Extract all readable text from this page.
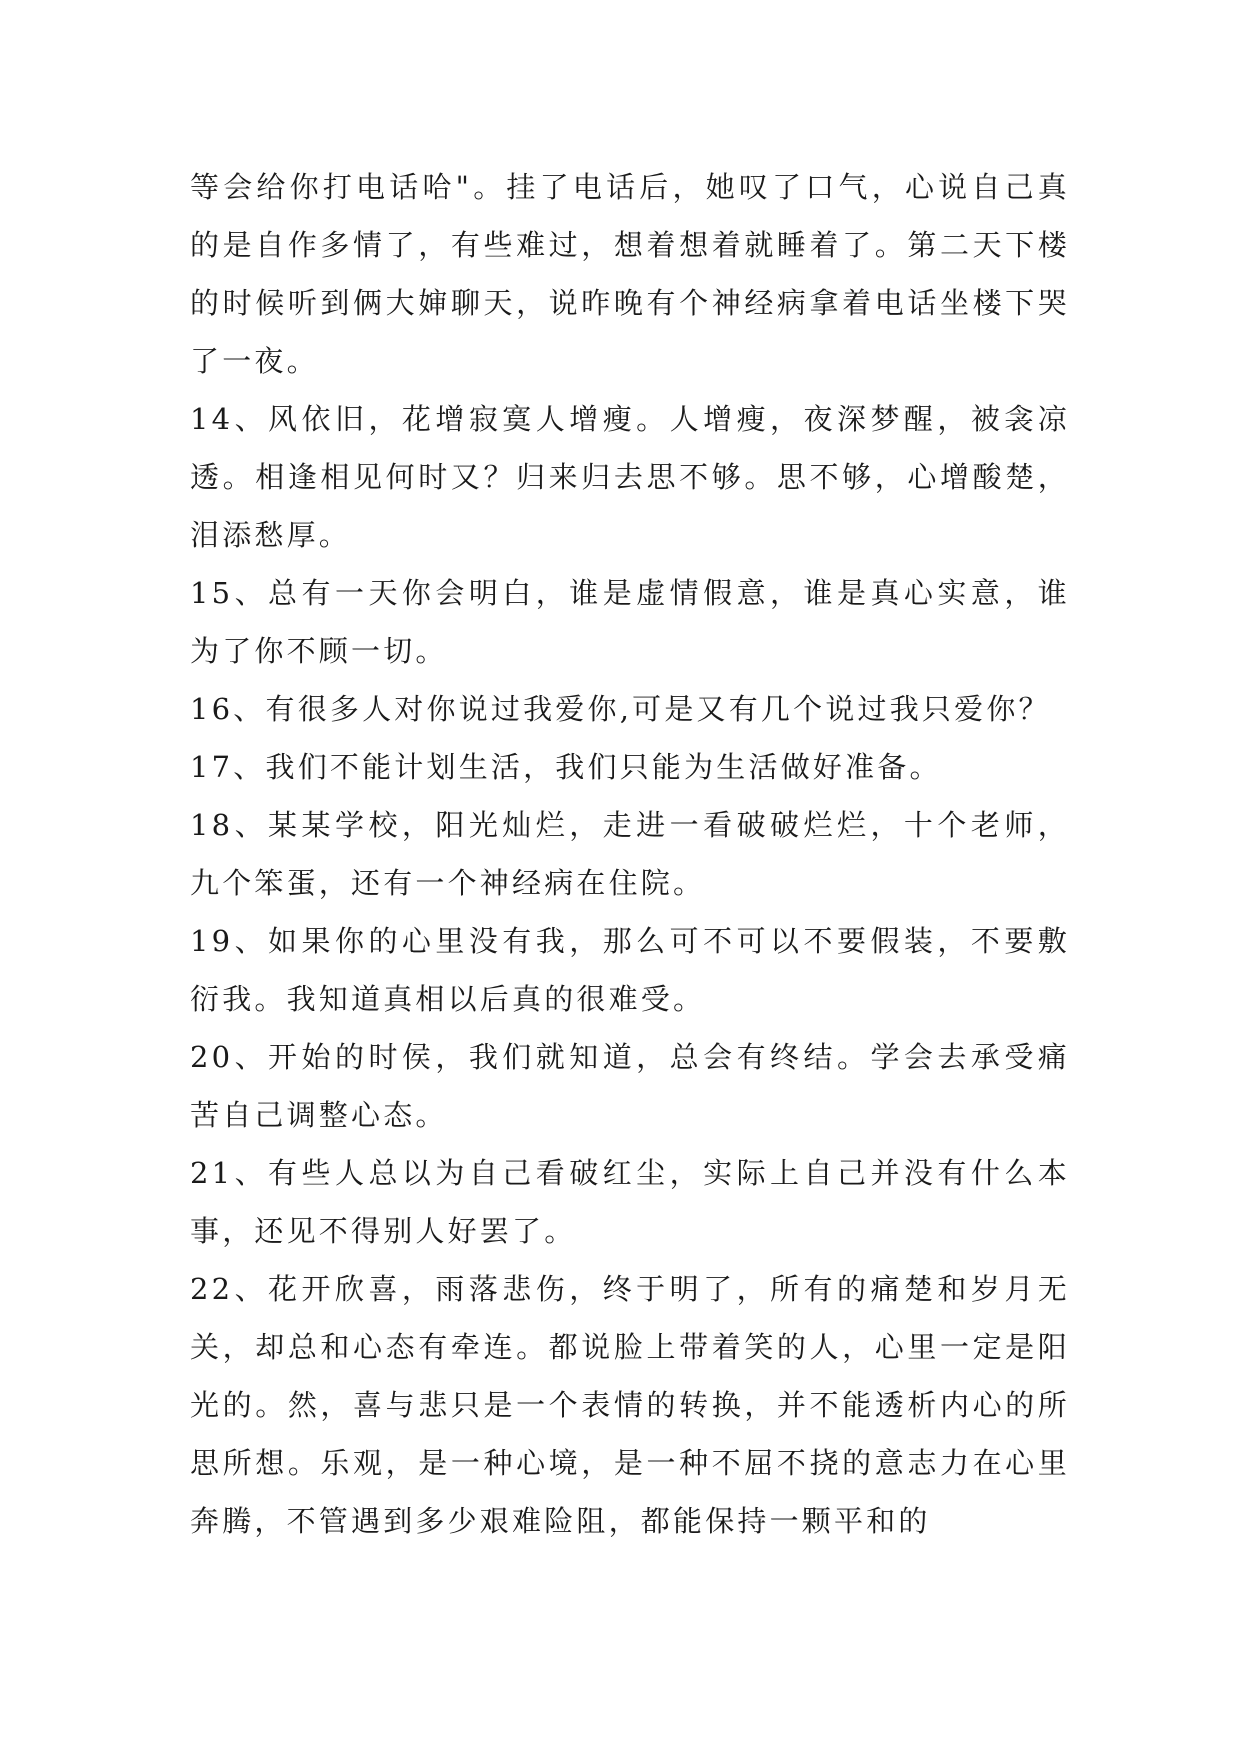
等会给你打电话哈"。挂了电话后，她叹了口气，心说自己真的是自作多情了，有些难过，想着想着就睡着了。第二天下楼的时候听到俩大婶聊天，说昨晚有个神经病拿着电话坐楼下哭了一夜。

14、风依旧，花增寂寞人增瘦。人增瘦，夜深梦醒，被衾凉透。相逢相见何时又？归来归去思不够。思不够，心增酸楚，泪添愁厚。

15、总有一天你会明白，谁是虚情假意，谁是真心实意，谁为了你不顾一切。

16、有很多人对你说过我爱你,可是又有几个说过我只爱你？

17、我们不能计划生活，我们只能为生活做好准备。

18、某某学校，阳光灿烂，走进一看破破烂烂，十个老师，九个笨蛋，还有一个神经病在住院。

19、如果你的心里没有我，那么可不可以不要假装，不要敷衍我。我知道真相以后真的很难受。

20、开始的时侯，我们就知道，总会有终结。学会去承受痛苦自己调整心态。

21、有些人总以为自己看破红尘，实际上自己并没有什么本事，还见不得别人好罢了。

22、花开欣喜，雨落悲伤，终于明了，所有的痛楚和岁月无关，却总和心态有牵连。都说脸上带着笑的人，心里一定是阳光的。然，喜与悲只是一个表情的转换，并不能透析内心的所思所想。乐观，是一种心境，是一种不屈不挠的意志力在心里奔腾，不管遇到多少艰难险阻，都能保持一颗平和的
